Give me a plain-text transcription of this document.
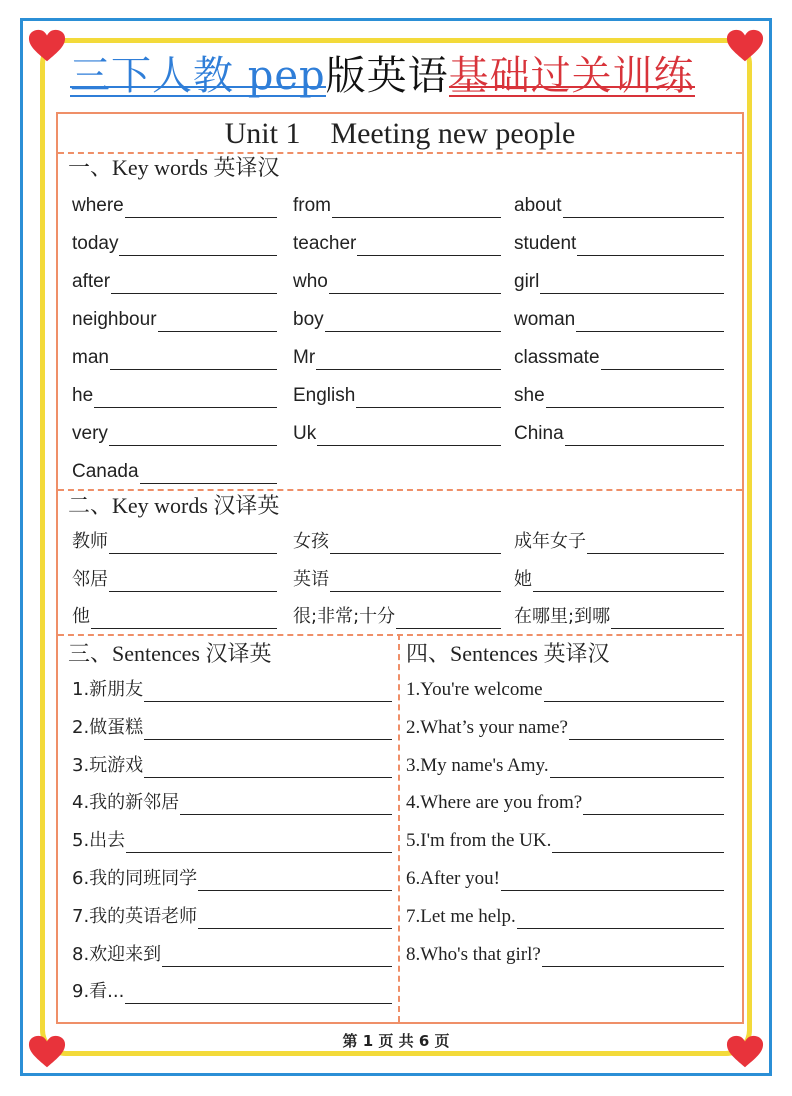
三下人教 pep版英语基础过关训练
Unit 1    Meeting new people
一、Key words 英译汉
二、Key words 汉译英
三、Sentences 汉译英	四、Sentences 英译汉
where	from	about
today	teacher	student
after	who	girl
neighbour	boy	woman
man	Mr	classmate
he	English	she
very	Uk	China
Canada
教师	女孩	成年女子
邻居	英语	她
他	很;非常;十分	在哪里;到哪
1.新朋友
2.做蛋糕
3.玩游戏
4.我的新邻居
5.出去
6.我的同班同学
7.我的英语老师
8.欢迎来到
9.看...
1.You're welcome
2.What’s your name?
3.My name's Amy.
4.Where are you from?
5.I'm from the UK.
6.After you!
7.Let me help.
8.Who's that girl?
第 1 页 共 6 页
